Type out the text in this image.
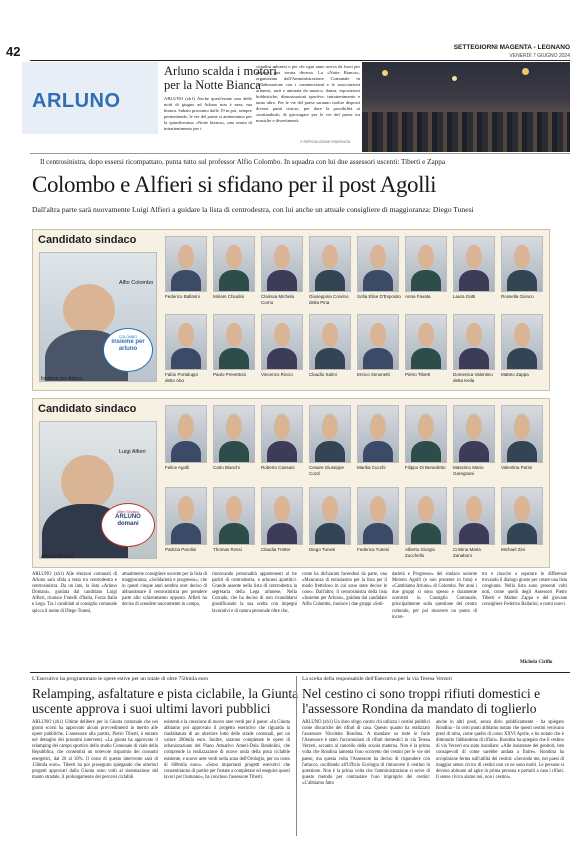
42	SETTEGIORNI MAGENTA - LEGNANO
VENERDÌ 7 GIUGNO 2024
ARLUNO
Arluno scalda i motori
per la Notte Bianca
ARLUNO (zh1) Anche quest'estate una delle notti di giugno ad Arluno non è nera, ma bianca. Sabato prossimo dalle 19 in poi, sempre permettendo, le vie del paese si animeranno per la quindicesima «Notte bianca», una serata di intrattenimento per i
cittadini arlunesi e per chi ogni anno arriva da fuori per passare una serata diversa. La «Notte Bianca», organizzata dall'Amministrazione Comunale in collaborazione con i commercianti e le associazioni arlunesi, sarà e animata da musica, danza, esposizioni hobbistiche, dimostrazioni sportive, intrattenimento e tanto altro. Per le vie del paese saranno inoltre disposti diversi punti ristoro, per dare la possibilità ai «nottambuli» di girovagare per le vie del paese tra musiche e divertimenti.
© RIPRODUZIONE RISERVATA
Il centrosinistra, dopo essersi ricompattato, punta tutto sul professor Alfio Colombo. In squadra con lui due assessori uscenti: Tiberti e Zappa
Colombo e Alfieri si sfidano per il post Agolli
Dall'altra parte sarà nuovamente Luigi Alfieri a guidare la lista di centrodestra, con lui anche un attuale consigliere di maggioranza: Diego Tunesi
Candidato sindaco
Alfio Colombo
COLOMBO
insieme per arluno
Insieme per Arluno
Federico Ballarini	Miriam Chiodini	Clarissa Michela Corno
Giuseppina Corvino detta Pina
Sofia Elise D'Esposito Anna Favata	Laura Gatti	Rossella Gionco
Fabio Portaluppi detto Abo
Paolo Prevettoni	Vincenzo Riccio	Claudio Salmi	Enrico Simonetti	Pietro Tiberti	Domenica Valentino detta Keila
Matteo Zappa
Candidato sindaco
Luigi Alfieri
Alfieri Sindaco
ARLUNO domani
Arluno domani
Felice Agolli	Carlo Bianchi	Roberto Cassani	Cesare Giuseppe Cozzi
Marika Cucchi	Filippo Di Benedetto	Massimo Mario Garegnani
Valentina Parini
Patrizia Parolini	Thomas Rossi	Claudia Tretter	Diego Tunesi	Federica Tunesi	Alberto Giorgio Zucchello
Cristina Maria Zanaboni
Michael Zini
ARLUNO (zh1) Alle elezioni comunali di Arluno sarà sfida a testa tra centrodestra e centrosinistra. Da un lato, la lista «Arluno Domani», guidata dal candidato Luigi Alfieri, riunisce Fratelli d'Italia, Forza Italia e Lega. Tra i candidati al consiglio comunale spicca il nome di Diego Tunesi,
attualmente consigliere uscente per la lista di maggioranza, «Solidarietà e progresso», che in questi cinque anni sembra aver deciso di abbandonare il centrosinistra per prendere parte allo schieramento opposto. Alfieri ha deciso di scendere nuovamente in campo,
rinnovando personalità appartenenti al tre partiti di centrodestra, e arlunesi apartitici. Grande assente nella lista di centrodestra la segretaria della Lega arlunese, Nella Corrado, che ha deciso di non ricandidarsi giustificando la sua scelta con impegni lavorativi e di natura personale oltre che,
come ha dichiarato facendosi da parte, una «Mancanza di entusiasmo per la lista per il modo frettoloso in cui sono state decise le cose». Dall'altro, il centrosinistra della lista «Insieme per Arluno», guidata dal candidato Alfio Colombo, riunisce i due gruppi «Soli-
darietà e Progresso» del sindaco uscente Moreno Agolli (e non presente in lista) e «Cambiamo Arluno» di Colombo. Per anni i due gruppi si sono spesso e duramente scontrati in Consiglio Comunale, principalmente sulla questione del centro culturale, per poi muovere un punto di incon-
tro e riuscire a superare le differenze trovando il dialogo giusto per creare una lista congiunta. Nella lista sono presenti volti noti, come quelli degli Assessori Pietro Tiberti e Matteo Zappa e del giovane consigliere Federico Ballarini, e nomi nuovi.
Michela Cirillo
L'Esecutivo ha programmato le opere estive per un totale di oltre 750mila euro
Relamping, asfaltature e pista ciclabile, la Giunta
uscente approva i suoi ultimi lavori pubblici
ARLUNO (zh1) Ultime delibere per la Giunta comunale che nei giorni scorsi ha approvato alcuni provvedimenti in merito alle opere pubbliche. L'assessore alla partita, Pietro Tiberti, è entrato nel dettaglio dei prossimi interventi. «La giunta ha approvato il relamping del campo sportivo dello studio Comunale di viale della Repubblica, che consentirà un notevole risparmio dei consumi energetici, dal 20 al 30%. Il costo di questo intervento sarà di 150mila euro». Tiberti ha poi proseguito spiegando che ulteriori progetti approvati dalla Giunta sono volti al sistemazione del manto stradale, il prolungamento dei percorsi ciclabili
esistenti e la creazione di nuove aree verdi per il paese: «In Giunta abbiamo poi approvato il progetto esecutivo che riguarda la riasfaltatura di un ulteriore lotto delle strade comunali, per un valore 200mila euro. Inoltre, saranno completate le opere di urbanizzazione del Piano Attuativo Ameri-Dola Rondolini, che comprende la realizzazione di nuove unità della pista ciclabile esistente, e nuove aree verdi nella zona dell'Orologio, per un costo di 600mila euro». «Sono importanti progetti esecutivi che consentiranno di partire per l'estate a completare ed eseguire questi lavori per l'autunno», ha concluso l'assessore Tiberti.
La scelta della responsabile dell'Esecutivo per la via Teresa Verzeri
Nel cestino ci sono troppi rifiuti domestici e
l'assessore Rondina da mandato di toglierlo
ARLUNO (zh1) Un duro sfogo contro chi utilizza i cestini pubblici come discariche dei rifiuti di casa. Questo quanto ha realizzato l'assessore Nicoletta Rondina. A mandare su tutte le furie l'Assessore è stato l'accumularsi di rifiuti domestici in via Teresa Verzeri, accanto al cancello della scuola materna. Non è la prima volta che Rondina lamenta l'uso scorretto dei cestini per le vie del paese, ma questa volta l'Assessore ha deciso di rispondere con l'attacco, oscillendo all'Ufficio Ecologia di rimuovere il cestino in questione. Non è la prima volta che l'amministrazione si serve di questo metodo per contrastare l'uso improprio dei cestini: «L'abbiamo fatto
anche in altri posti, senza dirlo pubblicamente - ha spiegato Rondina - In certi punti abbiamo notato che questi cestini venivano presi di mira, come quello di corso XXVI Aprile, e ho notato che è diminuito l'abbandono di rifiuti». Rondina ha spiegato che il cestino di via Verzeri era stato installato: «Alle insistenze dei genitori, ben consapevoli di come sarebbe andata a finire». Rondina ha un'opinione ferma sull'utilità dei cestini: «Secondo me, nei paesi di maggior senso civico di cestini non ce ne sono molti. Le persone si devono abituare ad agire in prima persona e portarli a casa i rifiuti. Il senso civico siamo noi, non i cestini».
